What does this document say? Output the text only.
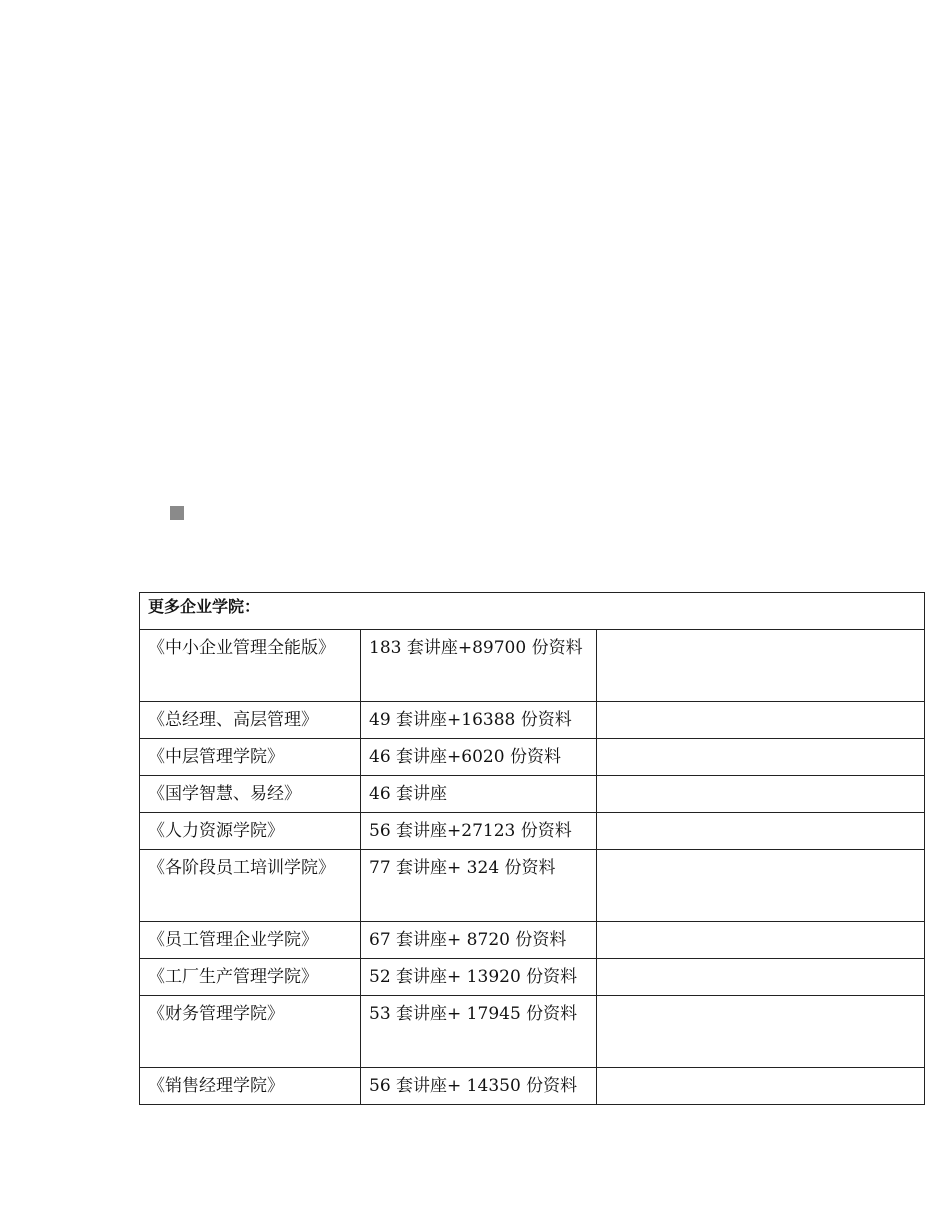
更多企业学院：		
《中小企业管理全能版》	183 套讲座+89700 份资料	
《总经理、高层管理》	49 套讲座+16388 份资料	
《中层管理学院》	46 套讲座+6020 份资料	
《国学智慧、易经》	46 套讲座	
《人力资源学院》	56 套讲座+27123 份资料	
《各阶段员工培训学院》	77 套讲座+ 324 份资料	
《员工管理企业学院》	67 套讲座+ 8720 份资料	
《工厂生产管理学院》	52 套讲座+ 13920 份资料	
《财务管理学院》	53 套讲座+ 17945 份资料	
《销售经理学院》	56 套讲座+ 14350 份资料	
